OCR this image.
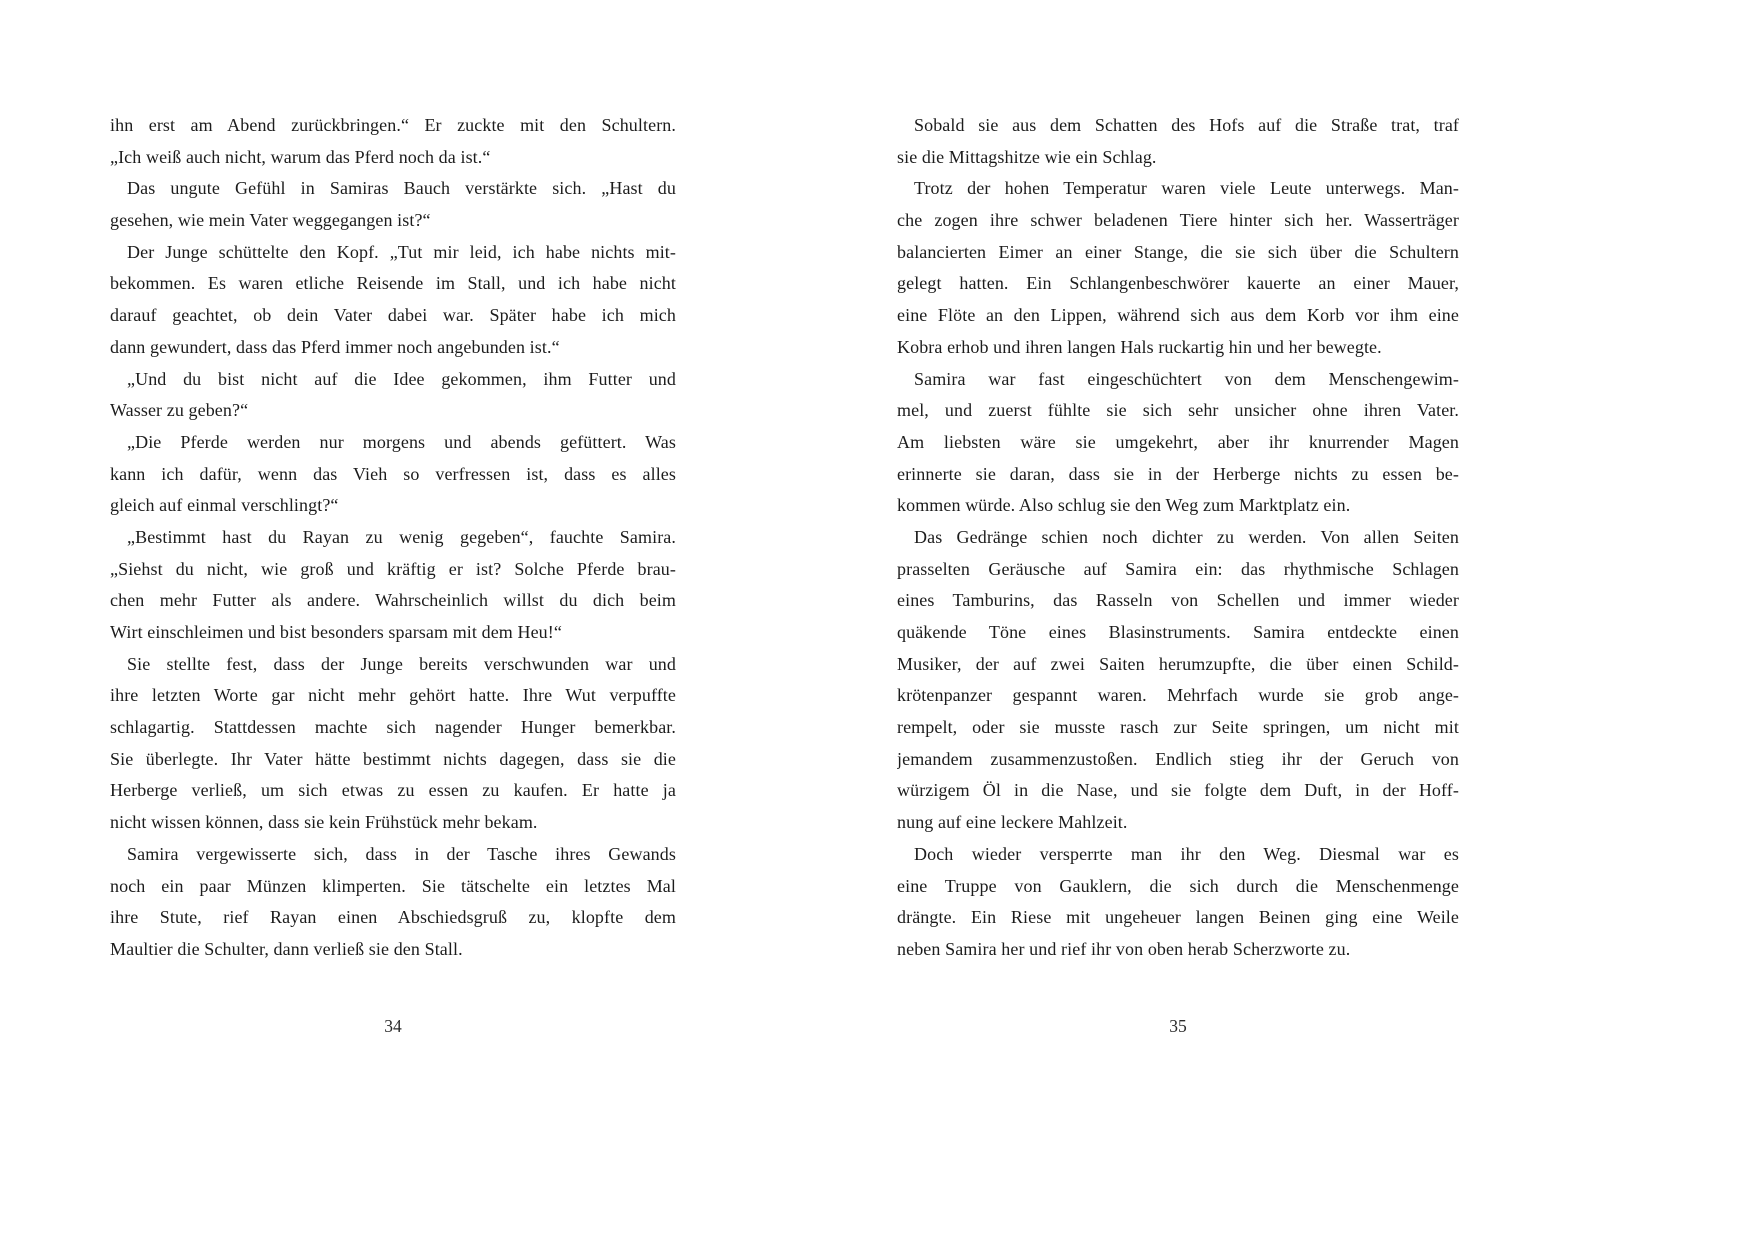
ihn erst am Abend zurückbringen.“ Er zuckte mit den Schultern.
„Ich weiß auch nicht, warum das Pferd noch da ist.“
Das ungute Gefühl in Samiras Bauch verstärkte sich. „Hast du
gesehen, wie mein Vater weggegangen ist?“
Der Junge schüttelte den Kopf. „Tut mir leid, ich habe nichts mit-
bekommen. Es waren etliche Reisende im Stall, und ich habe nicht
darauf geachtet, ob dein Vater dabei war. Später habe ich mich
dann gewundert, dass das Pferd immer noch angebunden ist.“
„Und du bist nicht auf die Idee gekommen, ihm Futter und
Wasser zu geben?“
„Die Pferde werden nur morgens und abends gefüttert. Was
kann ich dafür, wenn das Vieh so verfressen ist, dass es alles
gleich auf einmal verschlingt?“
„Bestimmt hast du Rayan zu wenig gegeben“, fauchte Samira.
„Siehst du nicht, wie groß und kräftig er ist? Solche Pferde brau-
chen mehr Futter als andere. Wahrscheinlich willst du dich beim
Wirt einschleimen und bist besonders sparsam mit dem Heu!“
Sie stellte fest, dass der Junge bereits verschwunden war und
ihre letzten Worte gar nicht mehr gehört hatte. Ihre Wut verpuffte
schlagartig. Stattdessen machte sich nagender Hunger bemerkbar.
Sie überlegte. Ihr Vater hätte bestimmt nichts dagegen, dass sie die
Herberge verließ, um sich etwas zu essen zu kaufen. Er hatte ja
nicht wissen können, dass sie kein Frühstück mehr bekam.
Samira vergewisserte sich, dass in der Tasche ihres Gewands
noch ein paar Münzen klimperten. Sie tätschelte ein letztes Mal
ihre Stute, rief Rayan einen Abschiedsgruß zu, klopfte dem
Maultier die Schulter, dann verließ sie den Stall.
Sobald sie aus dem Schatten des Hofs auf die Straße trat, traf
sie die Mittagshitze wie ein Schlag.
Trotz der hohen Temperatur waren viele Leute unterwegs. Man-
che zogen ihre schwer beladenen Tiere hinter sich her. Wasserträger
balancierten Eimer an einer Stange, die sie sich über die Schultern
gelegt hatten. Ein Schlangenbeschwörer kauerte an einer Mauer,
eine Flöte an den Lippen, während sich aus dem Korb vor ihm eine
Kobra erhob und ihren langen Hals ruckartig hin und her bewegte.
Samira war fast eingeschüchtert von dem Menschengewim-
mel, und zuerst fühlte sie sich sehr unsicher ohne ihren Vater.
Am liebsten wäre sie umgekehrt, aber ihr knurrender Magen
erinnerte sie daran, dass sie in der Herberge nichts zu essen be-
kommen würde. Also schlug sie den Weg zum Marktplatz ein.
Das Gedränge schien noch dichter zu werden. Von allen Seiten
prasselten Geräusche auf Samira ein: das rhythmische Schlagen
eines Tamburins, das Rasseln von Schellen und immer wieder
quäkende Töne eines Blasinstruments. Samira entdeckte einen
Musiker, der auf zwei Saiten herumzupfte, die über einen Schild-
krötenpanzer gespannt waren. Mehrfach wurde sie grob ange-
rempelt, oder sie musste rasch zur Seite springen, um nicht mit
jemandem zusammenzustoßen. Endlich stieg ihr der Geruch von
würzigem Öl in die Nase, und sie folgte dem Duft, in der Hoff-
nung auf eine leckere Mahlzeit.
Doch wieder versperrte man ihr den Weg. Diesmal war es
eine Truppe von Gauklern, die sich durch die Menschenmenge
drängte. Ein Riese mit ungeheuer langen Beinen ging eine Weile
neben Samira her und rief ihr von oben herab Scherzworte zu.
34	35
